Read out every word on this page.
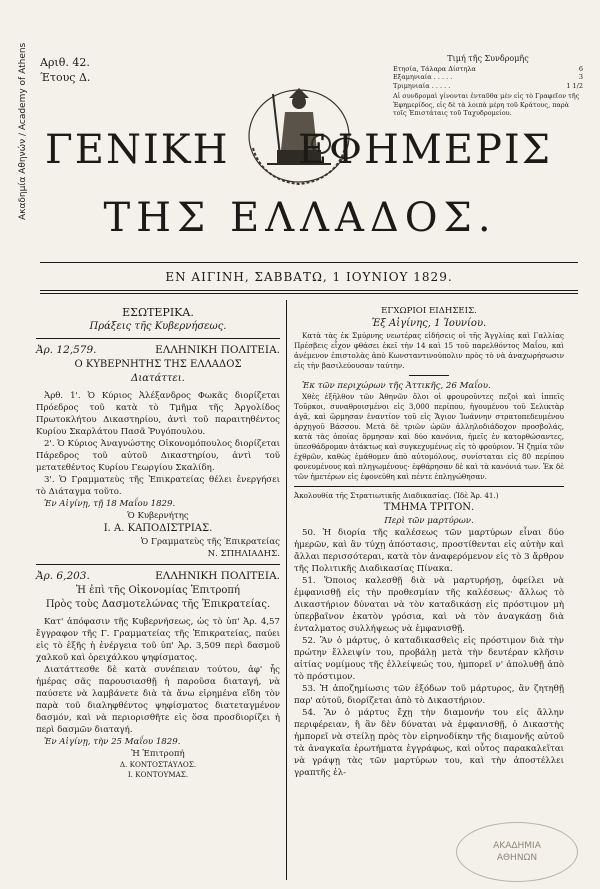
Ακαδημία Αθηνών / Academy of Athens Αριθ. 42.
Έτους Δ.
Τιμή τῆς Συνδρομῆς
Ετησία, Τάλαρα Δίστηλα	6
Εξαμηνιαία . . . . .	3
Τριμηνιαία . . . . .	1 1/2
Αἱ συνδρομαὶ γίνονται ἐνταῦθα μὲν εἰς τὸ Γραφεῖον τῆς Ἐφημερίδος, εἰς δὲ τὰ λοιπὰ μέρη τοῦ Κράτους, παρὰ τοῖς Ἐπιστάταις τοῦ Ταχυδρομείου.
ΓΕΝΙΚΗ ΕΦΗΜΕΡΙΣ
ΤΗΣ ΕΛΛΑΔΟΣ.
ΕΝ ΑΙΓΙΝΗ, ΣΑΒΒΑΤΩ, 1 ΙΟΥΝΙΟΥ 1829.
ΕΣΩΤΕΡΙΚΑ.
Πράξεις τῆς Κυβερνήσεως.
Ἀρ. 12,579.	ΕΛΛΗΝΙΚΗ ΠΟΛΙΤΕΙΑ.
Ο ΚΥΒΕΡΝΗΤΗΣ ΤΗΣ ΕΛΛΑΔΟΣ
Διατάττει.
Ἀρθ. 1'. Ὁ Κύριος Ἀλέξανδρος Φωκᾶς διορίζεται Πρόεδρος τοῦ κατὰ τὸ Τμῆμα τῆς Ἀργολίδος Πρωτοκλήτου Δικαστηρίου, ἀντὶ τοῦ παραιτηθέντος Κυρίου Σκαρλάτου Πασᾶ Ῥυγόπουλου.
2'. Ὁ Κύριος Ἀναγνώστης Οἰκονομόπουλος διορίζεται Πάρεδρος τοῦ αὐτοῦ Δικαστηρίου, ἀντὶ τοῦ μετατεθέντος Κυρίου Γεωργίου Σκαλίδη.
3'. Ὁ Γραμματεὺς τῆς Ἐπικρατείας θέλει ἐνεργήσει τὸ Διάταγμα τοῦτο.
Ἐν Αἰγίνῃ, τῇ 18 Μαΐου 1829.
Ὁ Κυβερνήτης
Ι. Α. ΚΑΠΟΔΙΣΤΡΙΑΣ.
Ὁ Γραμματεὺς τῆς Ἐπικρατείας
Ν. ΣΠΗΛΙΑΔΗΣ.
Ἀρ. 6,203.	ΕΛΛΗΝΙΚΗ ΠΟΛΙΤΕΙΑ.
Ἡ ἐπὶ τῆς Οἰκονομίας Ἐπιτροπή
Πρὸς τοὺς Δασμοτελώνας τῆς Ἐπικρατείας.
Κατ' ἀπόφασιν τῆς Κυβερνήσεως, ὡς τὸ ὑπ' Ἀρ. 4,57 ἔγγραφον τῆς Γ. Γραμματείας τῆς Ἐπικρατείας, παύει εἰς τὸ ἑξῆς ἡ ἐνέργεια τοῦ ὑπ' Ἀρ. 3,509 περὶ δασμοῦ χαλκοῦ καὶ ὀρειχάλκου ψηφίσματος.
Διατάττεσθε δὲ κατὰ συνέπειαν τούτου, ἀφ' ἧς ἡμέρας σᾶς παρουσιασθῇ ἡ παροῦσα διαταγή, νὰ παύσετε νὰ λαμβάνετε διὰ τὰ ἄνω εἰρημένα εἴδη τὸν παρὰ τοῦ διαληφθέντος ψηφίσματος διατεταγμένον δασμόν, καὶ νὰ περιορισθῆτε εἰς ὅσα προσδιορίζει ἡ περὶ δασμῶν διαταγή.
Ἐν Αἰγίνῃ, τὴν 25 Μαΐου 1829.
Ἡ Ἐπιτροπή
Δ. ΚΟΝΤΟΣΤΑΥΛΟΣ.
Ι. ΚΟΝΤΟΥΜΑΣ.
ΕΓΧΩΡΙΟΙ ΕΙΔΗΣΕΙΣ.
Ἐξ Αἰγίνης, 1 Ἰουνίου.
Κατὰ τὰς ἐκ Σμύρνης νεωτέρας εἰδήσεις οἱ τῆς Ἀγγλίας καὶ Γαλλίας Πρέσβεις εἶχον φθάσει ἐκεῖ τὴν 14 καὶ 15 τοῦ παρελθόντος Μαΐου, καὶ ἀνέμενον ἐπιστολὰς ἀπὸ Κωνσταντινούπολιν πρὸς τὸ νὰ ἀναχωρήσωσιν εἰς τὴν βασιλεύουσαν ταύτην.
Ἐκ τῶν περιχώρων τῆς Ἀττικῆς, 26 Μαΐου.
Χθὲς ἐξῆλθον τῶν Ἀθηνῶν ὅλοι οἱ φρουροῦντες πεζοὶ καὶ ἱππεῖς Τοῦρκοι, συναθροισμένοι εἰς 3,000 περίπου, ἠγουμένου τοῦ Σελικτὰρ ἀγᾶ, καὶ ὥρμησαν ἐναντίον τοῦ εἰς Ἅγιον Ἰωάννην στρατοπεδευμένου ἀρχηγοῦ Βάσσου. Μετὰ δὲ τριῶν ὡρῶν ἀλληλοδιάδοχον προσβολάς, κατὰ τὰς ὁποίας ὅρμησαν καὶ δύο κανόνια, ἠμεῖς ἐν κατορθώσαντες, ὑπεσθάδρομαν ἀτάκτως καὶ συγκεχυμένως εἰς τὸ φρούριον. Ἡ ζημία τῶν ἐχθρῶν, καθὼς ἐμάθομεν ἀπὸ αὐτομόλους, συνίσταται εἰς 80 περίπου φονευμένους καὶ πληγωμένους· ἐφθάρησαν δὲ καὶ τὰ κανόνιά των. Ἐκ δὲ τῶν ἡμετέρων εἰς ἐφονεύθη καὶ πέντε ἐπληγώθησαν.
Ἀκολουθία τῆς Στρατιωτικῆς Διαδικασίας. (Ἰδὲ Ἀρ. 41.)
ΤΜΗΜΑ ΤΡΙΤΟΝ.
Περὶ τῶν μαρτύρων.
50. Ἡ διορία τῆς καλέσεως τῶν μαρτύρων εἶναι δύο ἡμερῶν, καὶ ἂν τύχῃ ἀπόστασις, προστίθενται εἰς αὐτὴν καὶ ἄλλαι περισσότεραι, κατὰ τὸν ἀναφερόμενον εἰς τὸ 3 ἄρθρον τῆς Πολιτικῆς Διαδικασίας Πίνακα.
51. Ὅποιος καλεσθῇ διὰ νὰ μαρτυρήσῃ, ὀφείλει νὰ ἐμφανισθῇ εἰς τὴν προθεσμίαν τῆς καλέσεως· ἄλλως τὸ Δικαστήριον δύναται νὰ τὸν καταδικάσῃ εἰς πρόστιμον μὴ ὑπερβαῖνον ἑκατὸν γρόσια, καὶ νὰ τὸν ἀναγκάσῃ διὰ ἐνταλματος συλλήψεως νὰ ἐμφανισθῇ.
52. Ἂν ὁ μάρτυς, ὁ καταδικασθεὶς εἰς πρόστιμον διὰ τὴν πρώτην ἔλλειψίν του, προβάλῃ μετὰ τὴν δευτέραν κλῆσιν αἰτίας νομίμους τῆς ἐλλείψεώς του, ἠμπορεῖ ν' ἀπολυθῇ ἀπὸ τὸ πρόστιμον.
53. Ἡ ἀποζημίωσις τῶν ἐξόδων τοῦ μάρτυρος, ἂν ζητηθῇ παρ' αὐτοῦ, διορίζεται ἀπὸ τὸ Δικαστήριον.
54. Ἂν ὁ μάρτυς ἔχῃ τὴν διαμονήν του εἰς ἄλλην περιφέρειαν, ἢ ἂν δὲν δύναται νὰ ἐμφανισθῇ, ὁ Δικαστὴς ἠμπορεῖ νὰ στείλῃ πρὸς τὸν εἰρηνοδίκην τῆς διαμονῆς αὐτοῦ τὰ ἀναγκαῖα ἐρωτήματα ἐγγράφως, καὶ οὗτος παρακαλεῖται νὰ γράψῃ τὰς τῶν μαρτύρων του, καὶ τὴν ἀποστέλλει γραπτῆς ἐλ-
ΑΚΑΔΗΜΙΑ
ΑΘΗΝΩΝ
